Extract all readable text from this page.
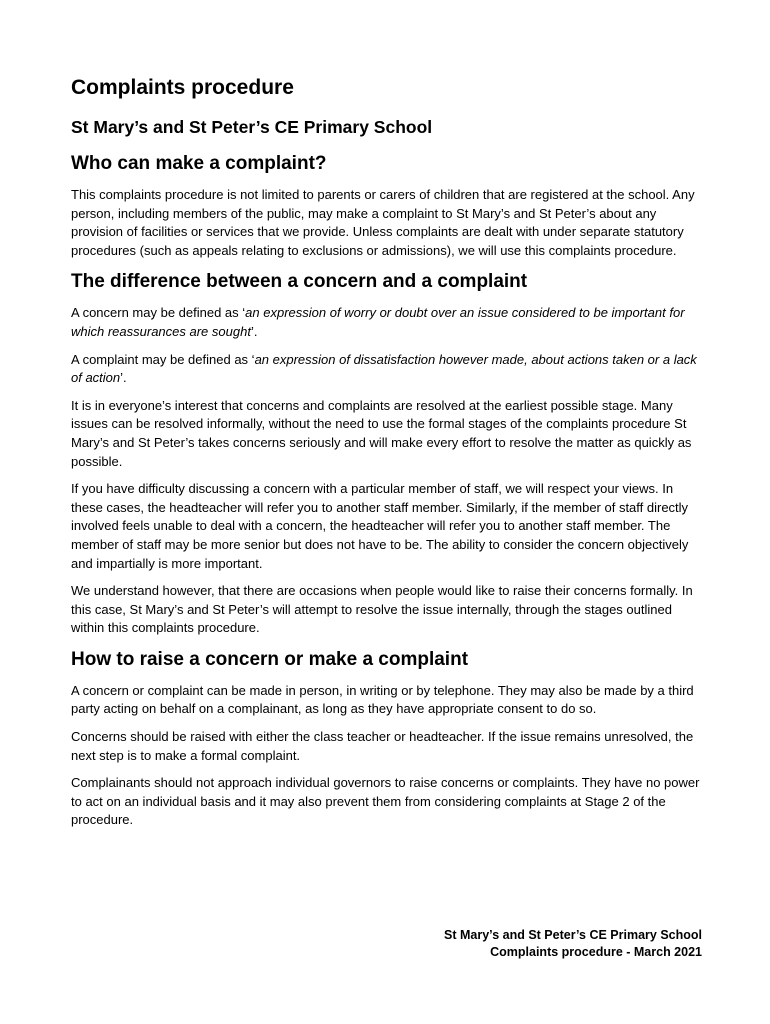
Complaints procedure
St Mary’s and St Peter’s CE Primary School
Who can make a complaint?

This complaints procedure is not limited to parents or carers of children that are registered at the school. Any person, including members of the public, may make a complaint to St Mary’s and St Peter’s about any provision of facilities or services that we provide. Unless complaints are dealt with under separate statutory procedures (such as appeals relating to exclusions or admissions), we will use this complaints procedure.

The difference between a concern and a complaint

A concern may be defined as ‘an expression of worry or doubt over an issue considered to be important for which reassurances are sought’.

A complaint may be defined as ‘an expression of dissatisfaction however made, about actions taken or a lack of action’.

It is in everyone’s interest that concerns and complaints are resolved at the earliest possible stage. Many issues can be resolved informally, without the need to use the formal stages of the complaints procedure St Mary’s and St Peter’s takes concerns seriously and will make every effort to resolve the matter as quickly as possible.

If you have difficulty discussing a concern with a particular member of staff, we will respect your views. In these cases, the headteacher will refer you to another staff member. Similarly, if the member of staff directly involved feels unable to deal with a concern, the headteacher will refer you to another staff member. The member of staff may be more senior but does not have to be. The ability to consider the concern objectively and impartially is more important.

We understand however, that there are occasions when people would like to raise their concerns formally. In this case, St Mary’s and St Peter’s will attempt to resolve the issue internally, through the stages outlined within this complaints procedure.

How to raise a concern or make a complaint

A concern or complaint can be made in person, in writing or by telephone. They may also be made by a third party acting on behalf on a complainant, as long as they have appropriate consent to do so.

Concerns should be raised with either the class teacher or headteacher. If the issue remains unresolved, the next step is to make a formal complaint.

Complainants should not approach individual governors to raise concerns or complaints. They have no power to act on an individual basis and it may also prevent them from considering complaints at Stage 2 of the procedure.

St Mary’s and St Peter’s CE Primary School
Complaints procedure - March 2021
